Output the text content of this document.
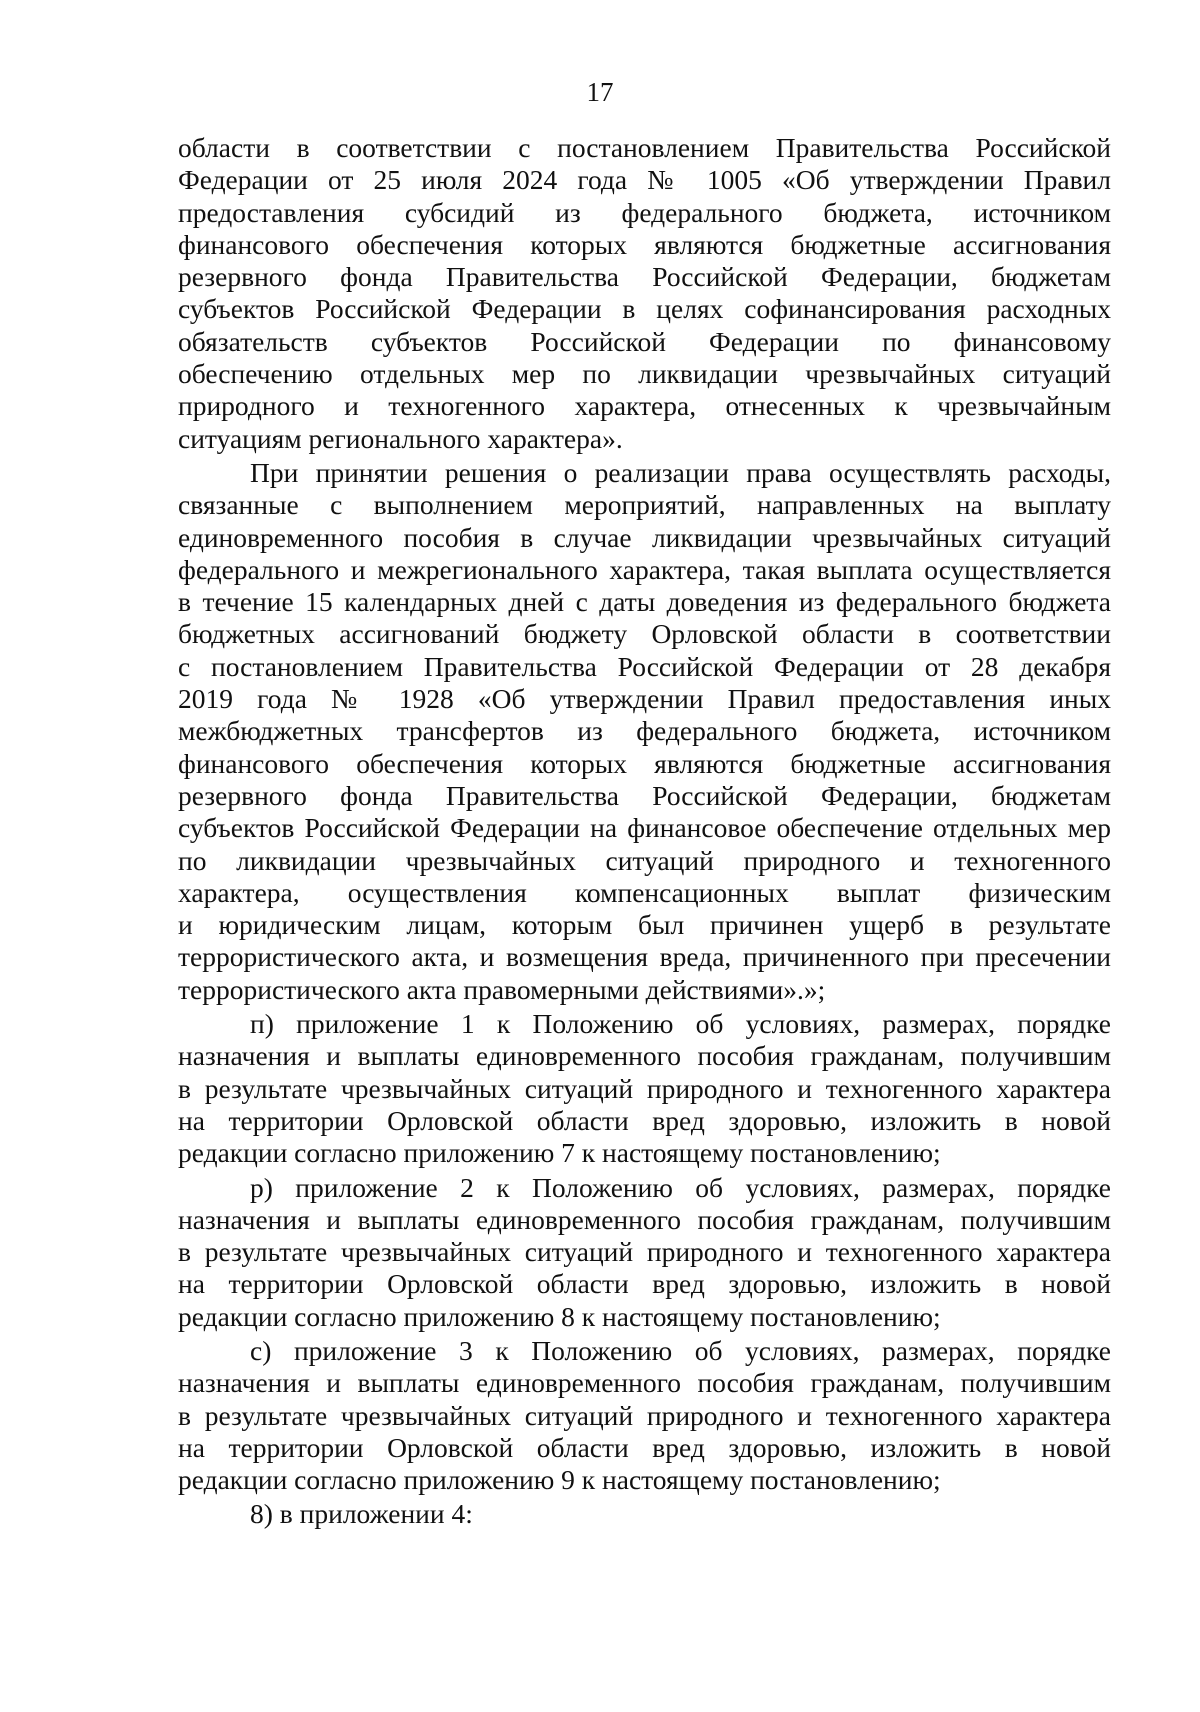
17
области в соответствии с постановлением Правительства Российской
Федерации от 25 июля 2024 года № 1005 «Об утверждении Правил
предоставления субсидий из федерального бюджета, источником
финансового обеспечения которых являются бюджетные ассигнования
резервного фонда Правительства Российской Федерации, бюджетам
субъектов Российской Федерации в целях софинансирования расходных
обязательств субъектов Российской Федерации по финансовому
обеспечению отдельных мер по ликвидации чрезвычайных ситуаций
природного и техногенного характера, отнесенных к чрезвычайным
ситуациям регионального характера».
При принятии решения о реализации права осуществлять расходы,
связанные с выполнением мероприятий, направленных на выплату
единовременного пособия в случае ликвидации чрезвычайных ситуаций
федерального и межрегионального характера, такая выплата осуществляется
в течение 15 календарных дней с даты доведения из федерального бюджета
бюджетных ассигнований бюджету Орловской области в соответствии
с постановлением Правительства Российской Федерации от 28 декабря
2019 года № 1928 «Об утверждении Правил предоставления иных
межбюджетных трансфертов из федерального бюджета, источником
финансового обеспечения которых являются бюджетные ассигнования
резервного фонда Правительства Российской Федерации, бюджетам
субъектов Российской Федерации на финансовое обеспечение отдельных мер
по ликвидации чрезвычайных ситуаций природного и техногенного
характера, осуществления компенсационных выплат физическим
и юридическим лицам, которым был причинен ущерб в результате
террористического акта, и возмещения вреда, причиненного при пресечении
террористического акта правомерными действиями».»;
п) приложение 1 к Положению об условиях, размерах, порядке
назначения и выплаты единовременного пособия гражданам, получившим
в результате чрезвычайных ситуаций природного и техногенного характера
на территории Орловской области вред здоровью, изложить в новой
редакции согласно приложению 7 к настоящему постановлению;
р) приложение 2 к Положению об условиях, размерах, порядке
назначения и выплаты единовременного пособия гражданам, получившим
в результате чрезвычайных ситуаций природного и техногенного характера
на территории Орловской области вред здоровью, изложить в новой
редакции согласно приложению 8 к настоящему постановлению;
с) приложение 3 к Положению об условиях, размерах, порядке
назначения и выплаты единовременного пособия гражданам, получившим
в результате чрезвычайных ситуаций природного и техногенного характера
на территории Орловской области вред здоровью, изложить в новой
редакции согласно приложению 9 к настоящему постановлению;
8) в приложении 4:
